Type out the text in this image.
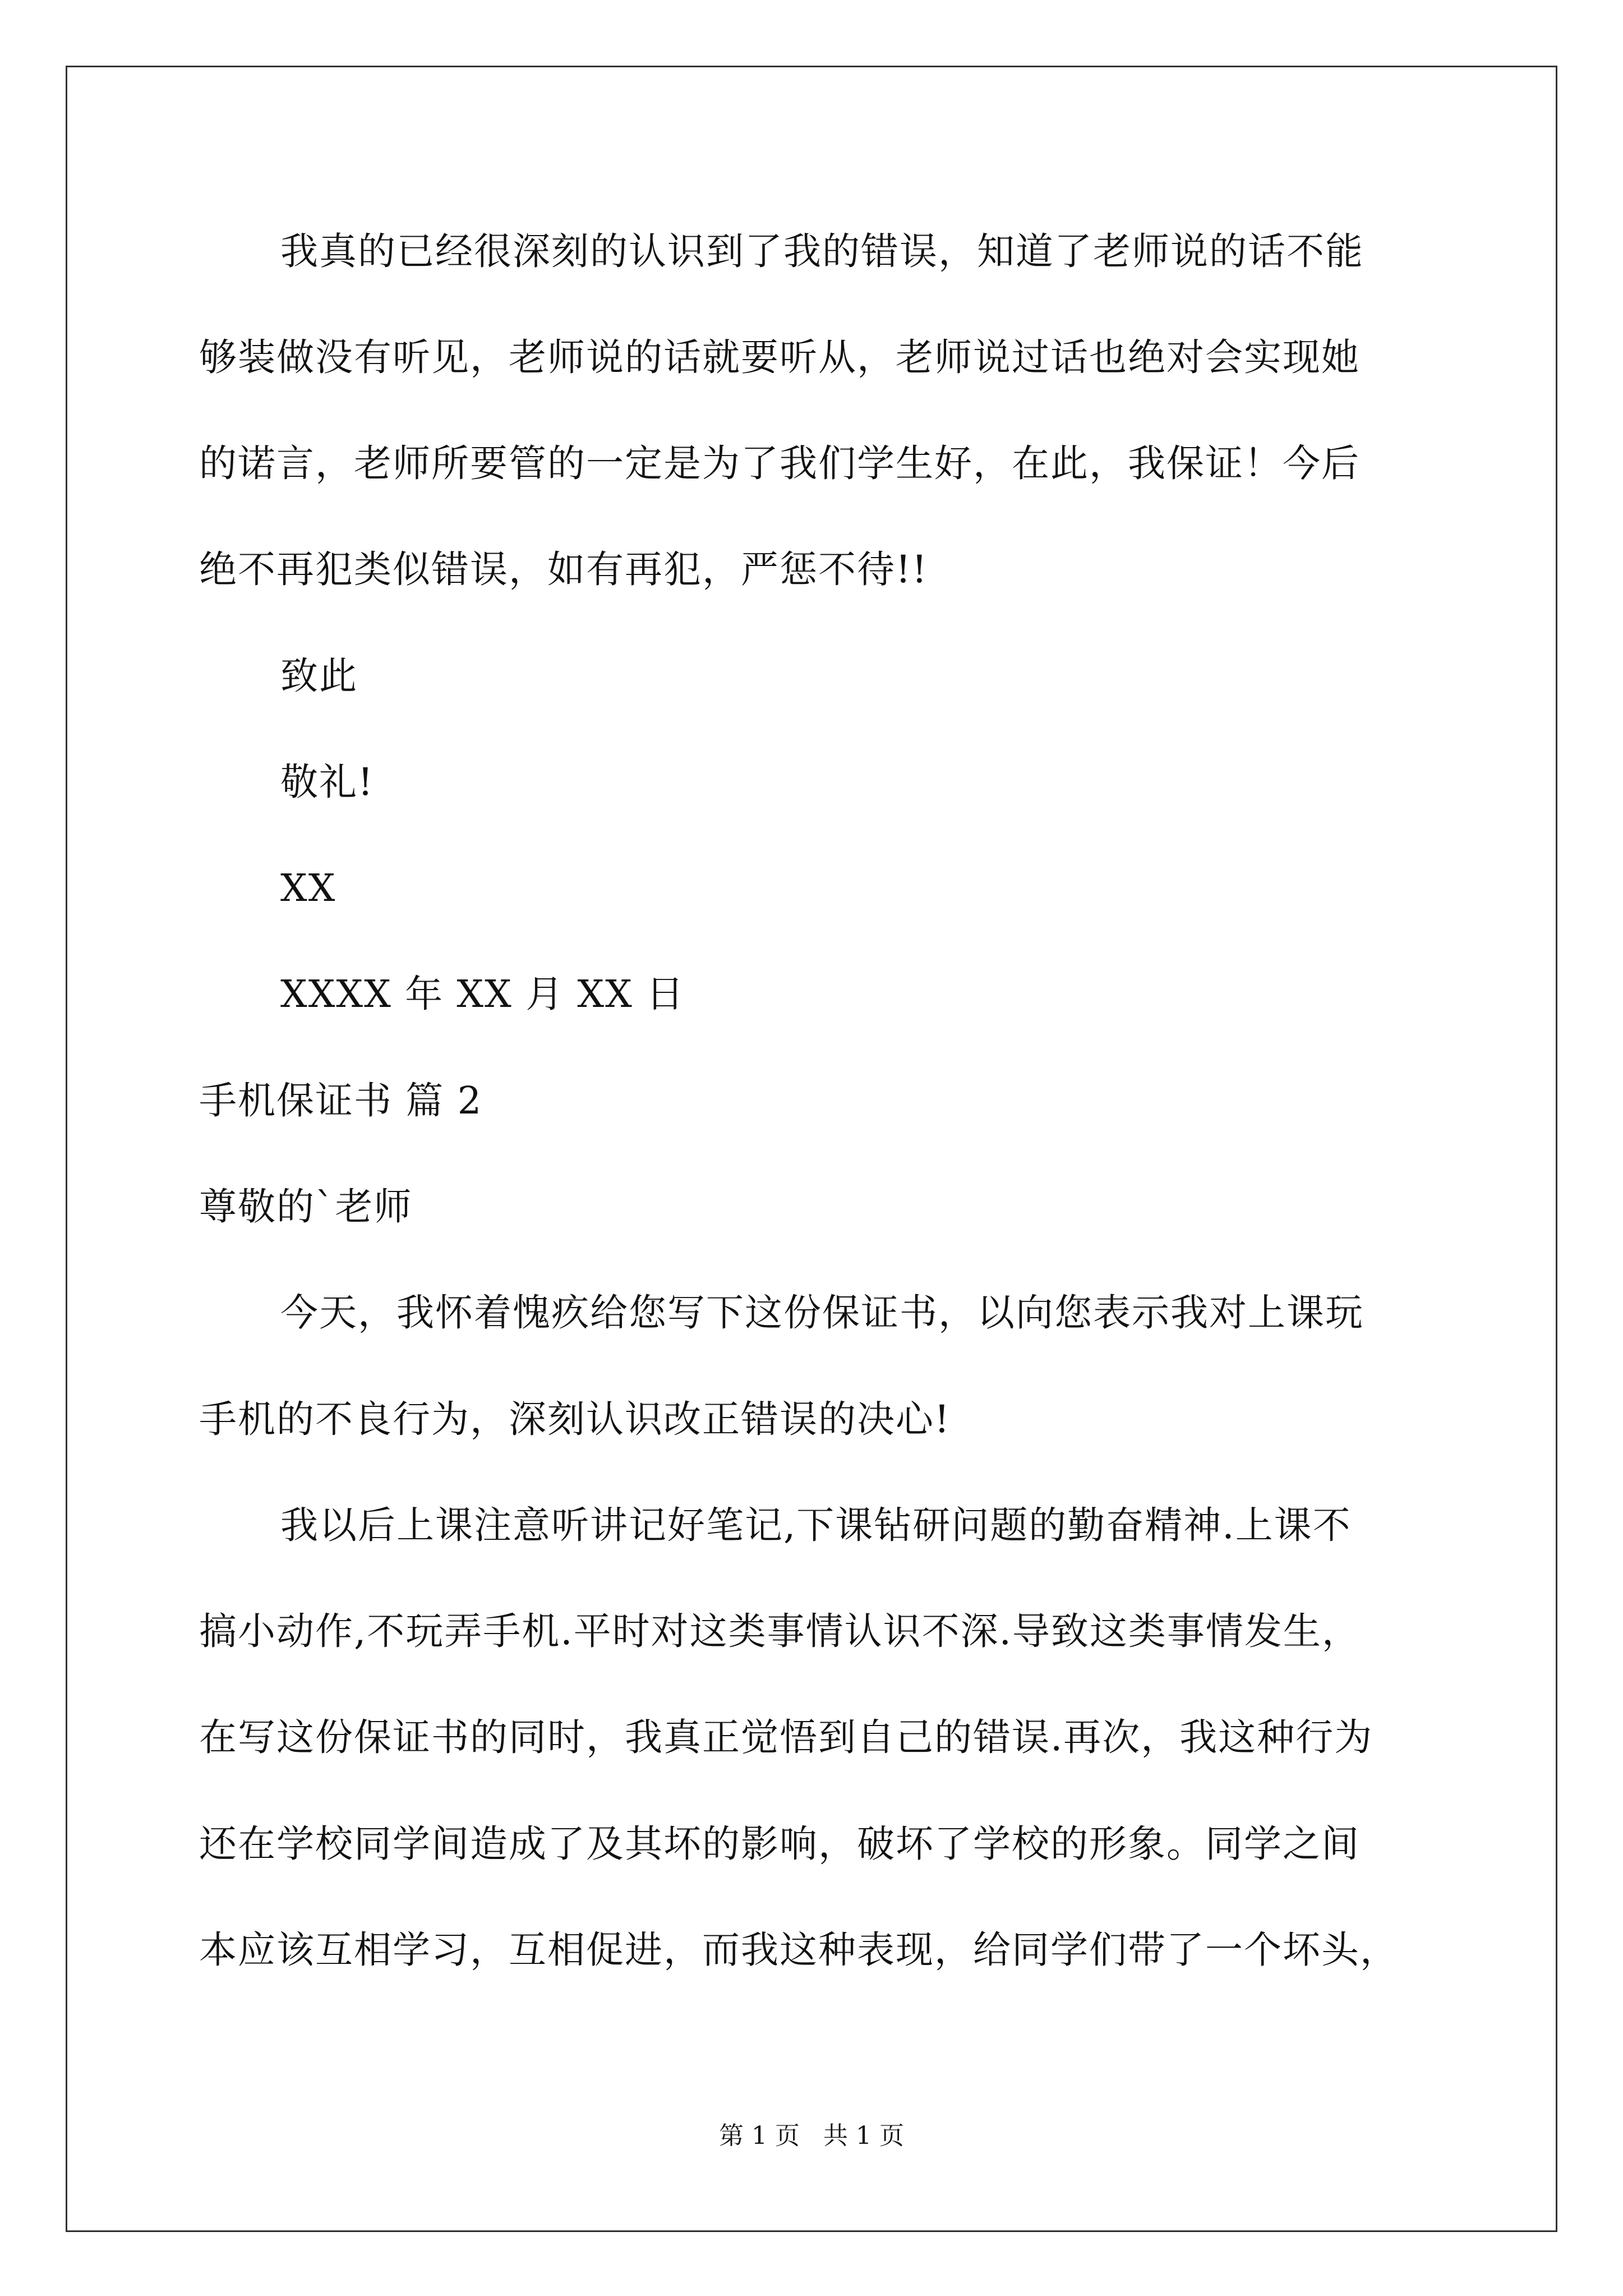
我真的已经很深刻的认识到了我的错误，知道了老师说的话不能
够装做没有听见，老师说的话就要听从，老师说过话也绝对会实现她
的诺言，老师所要管的一定是为了我们学生好，在此，我保证！今后
绝不再犯类似错误，如有再犯，严惩不待!!
致此
敬礼!
XX
XXXX 年 XX 月 XX 日
手机保证书 篇 2
尊敬的`老师
今天，我怀着愧疚给您写下这份保证书，以向您表示我对上课玩
手机的不良行为，深刻认识改正错误的决心!
我以后上课注意听讲记好笔记,下课钻研问题的勤奋精神.上课不
搞小动作,不玩弄手机.平时对这类事情认识不深.导致这类事情发生，
在写这份保证书的同时，我真正觉悟到自己的错误.再次，我这种行为
还在学校同学间造成了及其坏的影响，破坏了学校的形象。同学之间
本应该互相学习，互相促进，而我这种表现，给同学们带了一个坏头，
第 1 页   共 1 页
